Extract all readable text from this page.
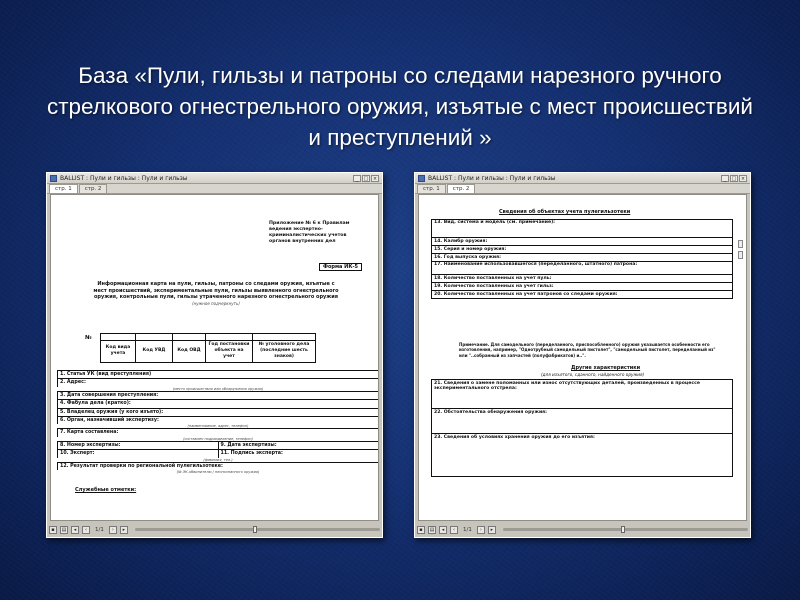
База «Пули, гильзы и патроны со следами нарезного ручного стрелкового огнестрельного оружия, изъятые с мест происшествий и преступлений »
BALLIST : Пули и гильзы : Пули и гильзы	_	□ ×
стр. 1	стр. 2
Приложение № 6 к Правилам ведения экспертно-криминалистических учетов органов внутренних дел
Форма ИК-5
Информационная карта на пули, гильзы, патроны со следами оружия, изъятые с мест происшествий, экспериментальные пули, гильзы выявленного огнестрельного оружия, контрольные пули, гильзы утраченного нарезного огнестрельного оружия
(нужное подчеркнуть)
№

Код вида учета	Код УВД	Код ОВД	Год постановки объекта на учет	№ уголовного дела (последние шесть знаков)
1. Статья УК (вид преступления)
2. Адрес:
(место происшествия или обнаружения оружия)
3. Дата совершения преступления:
4. Фабула дела (кратко):
5. Владелец оружия (у кого изъято):
6. Орган, назначивший экспертизу:
(наименование, адрес, телефон)
7. Карта составлена:
(составлен подразделение, телефон)
8. Номер экспертизы:	9. Дата экспертизы:
10. Эксперт:	11. Подпись эксперта:
(фамилия, тел.)
12. Результат проверки по региональной пулегильзотеке:
(№ ЭК-обвинителю / неопознанного оружия)
Служебные отметки:
▪	▤	◂	‹	1/1	›	▸
BALLIST : Пули и гильзы : Пули и гильзы	_	□ ×
стр. 1	стр. 2
Сведения об объектах учета пулегильзотеки
13. Вид, система и модель (см. примечание):
14. Калибр оружия:
15. Серия и номер оружия:
16. Год выпуска оружия:
17. Наименование использовавшегося (переделанного, штатного) патрона:
18. Количество поставленных на учет пуль:
19. Количество поставленных на учет гильз:
20. Количество поставленных на учет патронов со следами оружия:
Примечание. Для самодельного (переделанного, приспособленного) оружия указывается особенности его изготовления, например, "Однотрубный самодельный пистолет", "самодельный пистолет, переделанный из" или "..собранный из запчастей (полуфабрикатов) и..".
Другие характеристики
(для изъятого, сданного, найденного оружия)
21. Сведения о замене поломанных или износ отсутствующих деталей, произведенных в процессе экспериментального отстрела:
22. Обстоятельства обнаружения оружия:
23. Сведения об условиях хранения оружия до его изъятия:
▪	▤	◂	‹	1/1	›	▸
